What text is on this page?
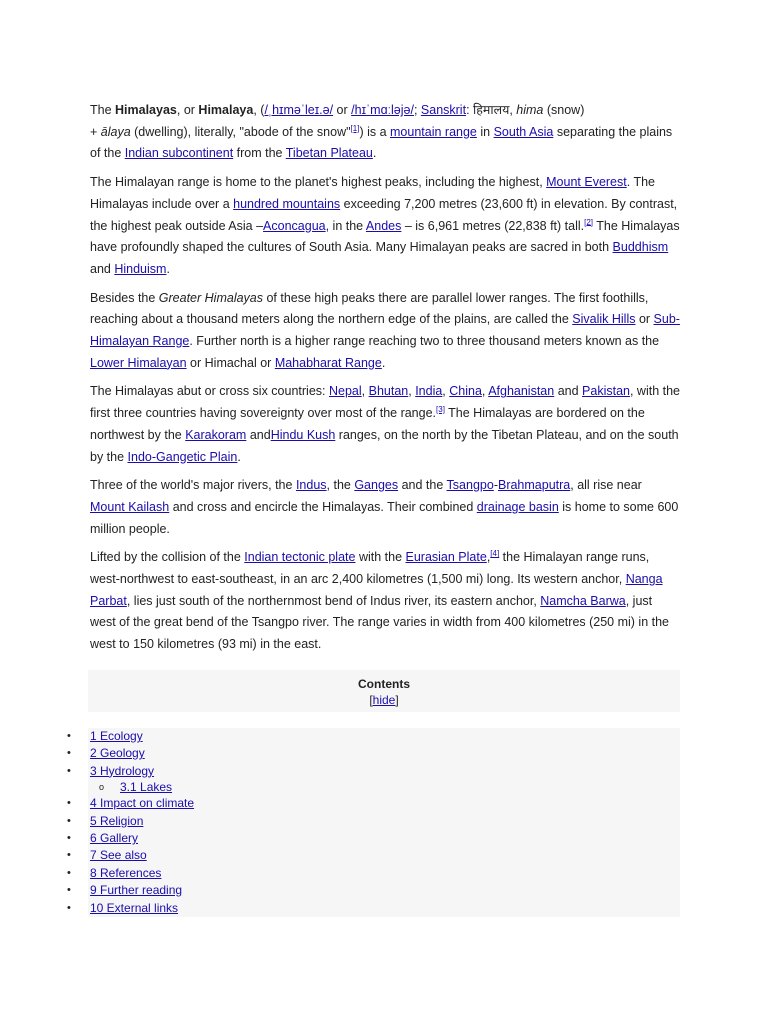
The Himalayas, or Himalaya, (/ˌhɪməˈleɪ.ə/ or /hɪˈmɑːləjə/; Sanskrit: हिमालय, hima (snow)
+ ālaya (dwelling), literally, "abode of the snow"[1]) is a mountain range in South Asia separating the plains of the Indian subcontinent from the Tibetan Plateau.

The Himalayan range is home to the planet's highest peaks, including the highest, Mount Everest. The Himalayas include over a hundred mountains exceeding 7,200 metres (23,600 ft) in elevation. By contrast, the highest peak outside Asia –Aconcagua, in the Andes – is 6,961 metres (22,838 ft) tall.[2] The Himalayas have profoundly shaped the cultures of South Asia. Many Himalayan peaks are sacred in both Buddhism and Hinduism.

Besides the Greater Himalayas of these high peaks there are parallel lower ranges. The first foothills, reaching about a thousand meters along the northern edge of the plains, are called the Sivalik Hills or Sub-Himalayan Range. Further north is a higher range reaching two to three thousand meters known as the Lower Himalayan or Himachal or Mahabharat Range.

The Himalayas abut or cross six countries: Nepal, Bhutan, India, China, Afghanistan and Pakistan, with the first three countries having sovereignty over most of the range.[3] The Himalayas are bordered on the northwest by the Karakoram andHindu Kush ranges, on the north by the Tibetan Plateau, and on the south by the Indo-Gangetic Plain.

Three of the world's major rivers, the Indus, the Ganges and the Tsangpo-Brahmaputra, all rise near Mount Kailash and cross and encircle the Himalayas. Their combined drainage basin is home to some 600 million people.

Lifted by the collision of the Indian tectonic plate with the Eurasian Plate,[4] the Himalayan range runs, west-northwest to east-southeast, in an arc 2,400 kilometres (1,500 mi) long. Its western anchor, Nanga Parbat, lies just south of the northernmost bend of Indus river, its eastern anchor, Namcha Barwa, just west of the great bend of the Tsangpo river. The range varies in width from 400 kilometres (250 mi) in the west to 150 kilometres (93 mi) in the east.

Contents
[hide]
• 1 Ecology
• 2 Geology
• 3 Hydrology
o 3.1 Lakes
• 4 Impact on climate
• 5 Religion
• 6 Gallery
• 7 See also
• 8 References
• 9 Further reading
• 10 External links
